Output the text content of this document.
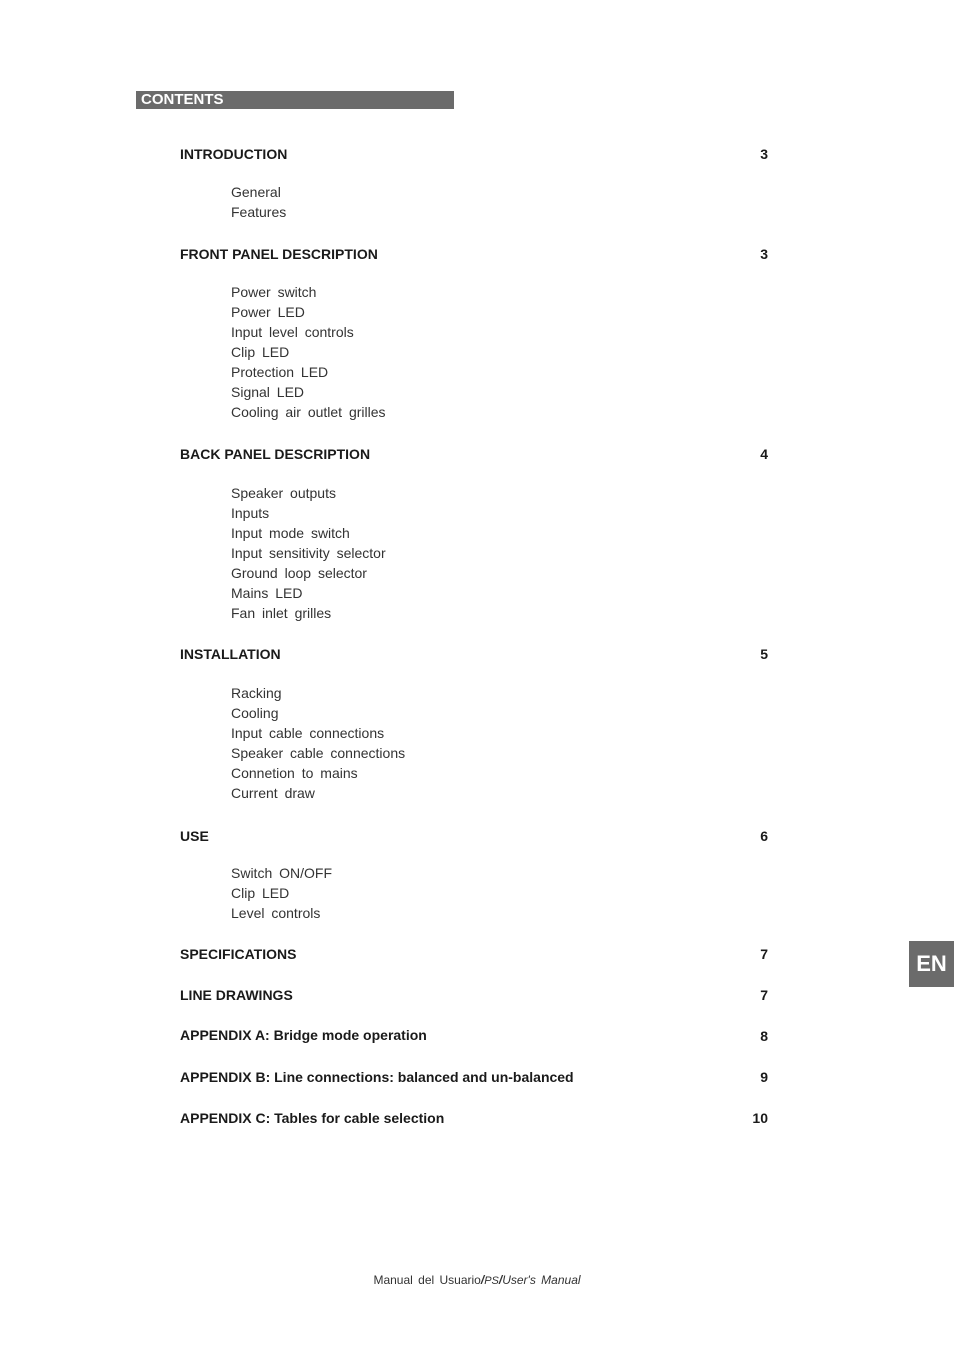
CONTENTS
INTRODUCTION	3
General
Features
FRONT PANEL DESCRIPTION	3
Power switch
Power LED
Input level controls
Clip LED
Protection LED
Signal LED
Cooling air outlet grilles
BACK PANEL DESCRIPTION	4
Speaker outputs
Inputs
Input mode switch
Input sensitivity selector
Ground loop selector
Mains LED
Fan inlet grilles
INSTALLATION	5
Racking
Cooling
Input cable connections
Speaker cable connections
Connetion to mains
Current draw
USE	6
Switch ON/OFF
Clip LED
Level controls
SPECIFICATIONS	7
LINE DRAWINGS	7
APPENDIX A: Bridge mode operation	8
APPENDIX B: Line connections: balanced and un-balanced	9
APPENDIX C: Tables for cable selection	10
EN
Manual del Usuario/PS/User's Manual
